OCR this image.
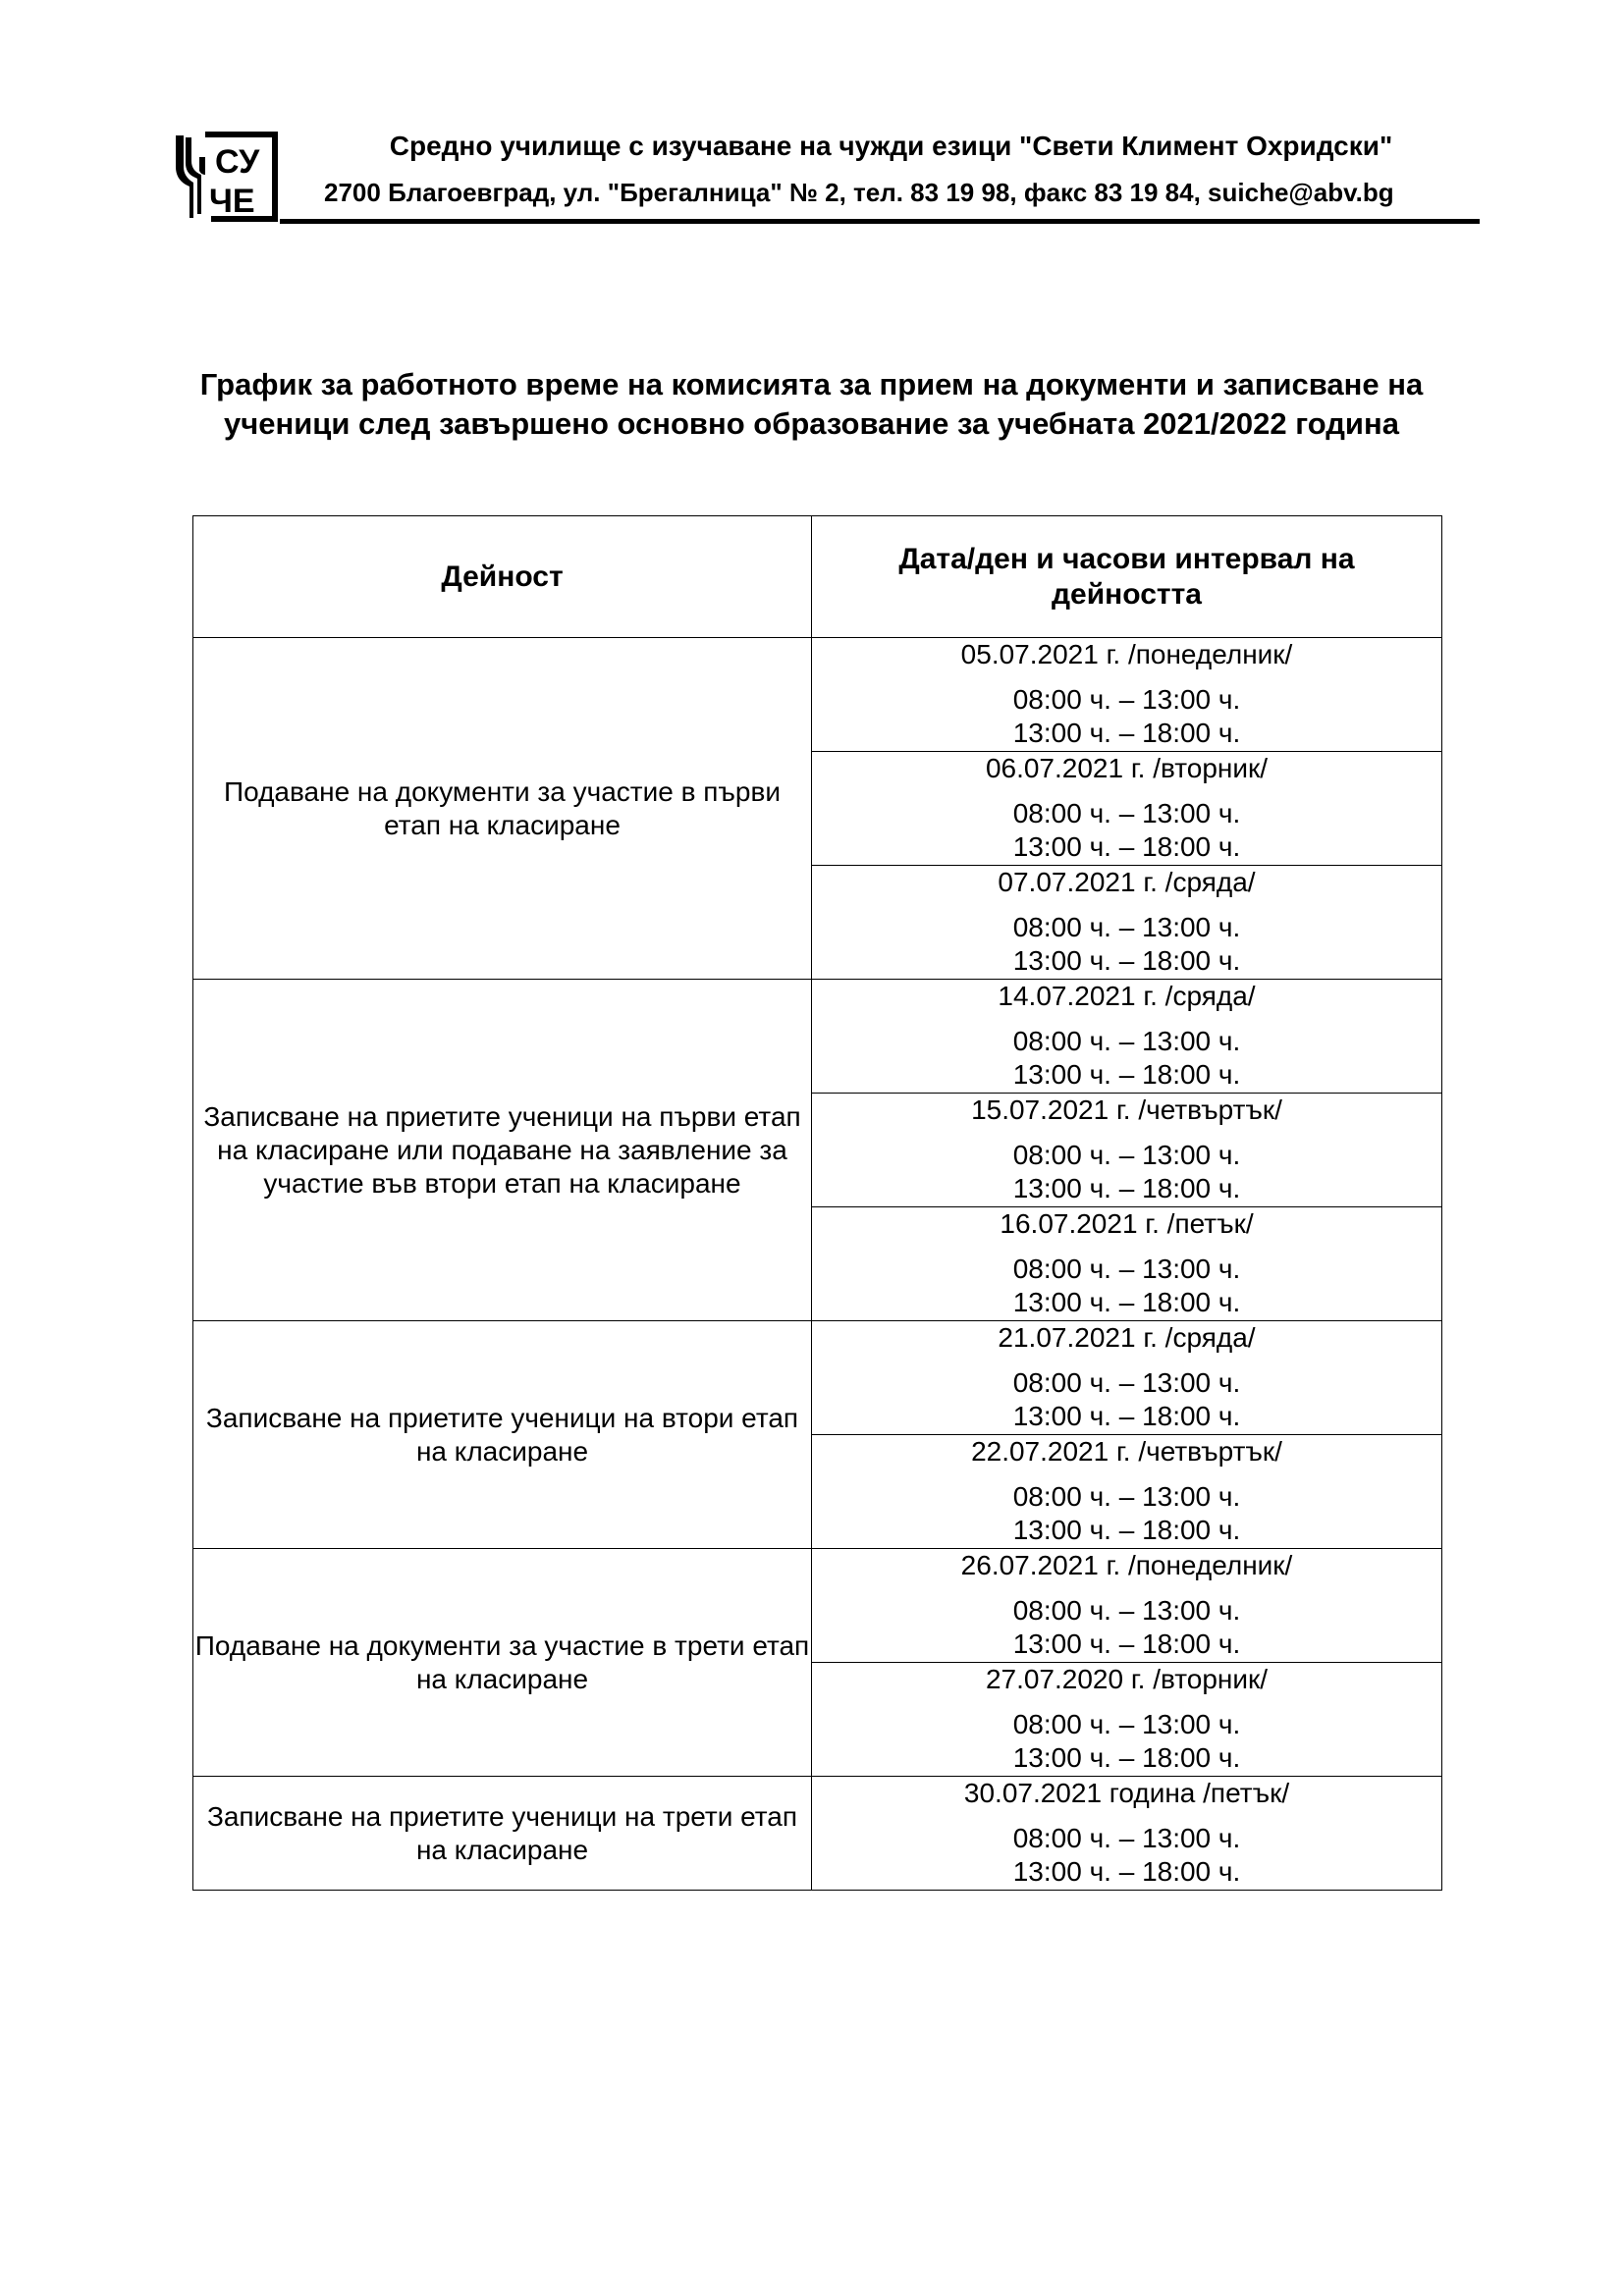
СУ
ЧЕ
Средно училище с изучаване на чужди езици "Свети Климент Охридски"
2700 Благоевград, ул. "Брегалница" № 2, тел. 83 19 98, факс 83 19 84, suiche@abv.bg
График за работното време на комисията за прием на документи и записване на
ученици след завършено основно образование за учебната 2021/2022 година
Дейност	Дата/ден и часови интервал на
дейността

Подаване на документи за участие в първи етап на класиране	05.07.2021 г. /понеделник/
08:00 ч. – 13:00 ч.
13:00 ч. – 18:00 ч.

	06.07.2021 г. /вторник/
08:00 ч. – 13:00 ч.
13:00 ч. – 18:00 ч.

	07.07.2021 г. /сряда/
08:00 ч. – 13:00 ч.
13:00 ч. – 18:00 ч.

Записване на приетите ученици на първи етап на класиране или подаване на заявление за участие във втори етап на класиране	14.07.2021 г. /сряда/
08:00 ч. – 13:00 ч.
13:00 ч. – 18:00 ч.

	15.07.2021 г. /четвъртък/
08:00 ч. – 13:00 ч.
13:00 ч. – 18:00 ч.

	16.07.2021 г. /петък/
08:00 ч. – 13:00 ч.
13:00 ч. – 18:00 ч.

Записване на приетите ученици на втори етап на класиране	21.07.2021 г. /сряда/
08:00 ч. – 13:00 ч.
13:00 ч. – 18:00 ч.

	22.07.2021 г. /четвъртък/
08:00 ч. – 13:00 ч.
13:00 ч. – 18:00 ч.

Подаване на документи за участие в трети етап на класиране	26.07.2021 г. /понеделник/
08:00 ч. – 13:00 ч.
13:00 ч. – 18:00 ч.

	27.07.2020 г. /вторник/
08:00 ч. – 13:00 ч.
13:00 ч. – 18:00 ч.

Записване на приетите ученици на трети етап на класиране	30.07.2021 година /петък/
08:00 ч. – 13:00 ч.
13:00 ч. – 18:00 ч.
